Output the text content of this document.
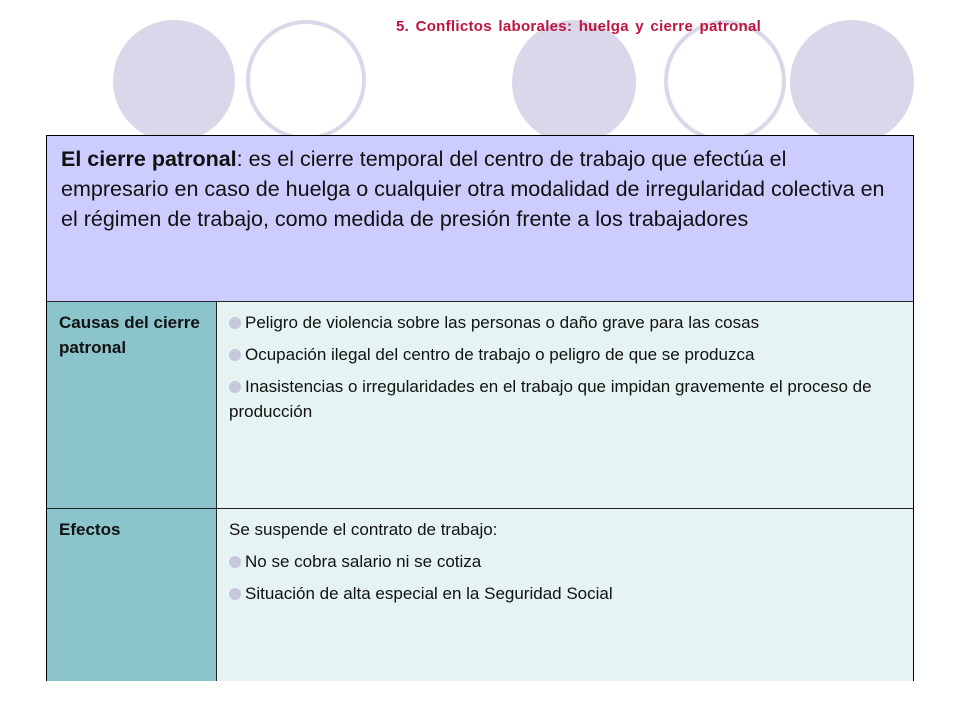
5. Conflictos laborales: huelga y cierre patronal
El cierre patronal: es el cierre temporal del centro de trabajo que efectúa el empresario en caso de huelga o cualquier otra modalidad de irregularidad colectiva en el régimen de trabajo, como medida de presión frente a los trabajadores
Causas del cierre patronal
Peligro de violencia sobre las personas o daño grave para las cosas
Ocupación ilegal del centro de trabajo o peligro de que se produzca
Inasistencias o irregularidades en el trabajo que impidan gravemente el proceso de producción
Efectos	Se suspende el contrato de trabajo:
No se cobra salario ni se cotiza
Situación de alta especial en la Seguridad Social
